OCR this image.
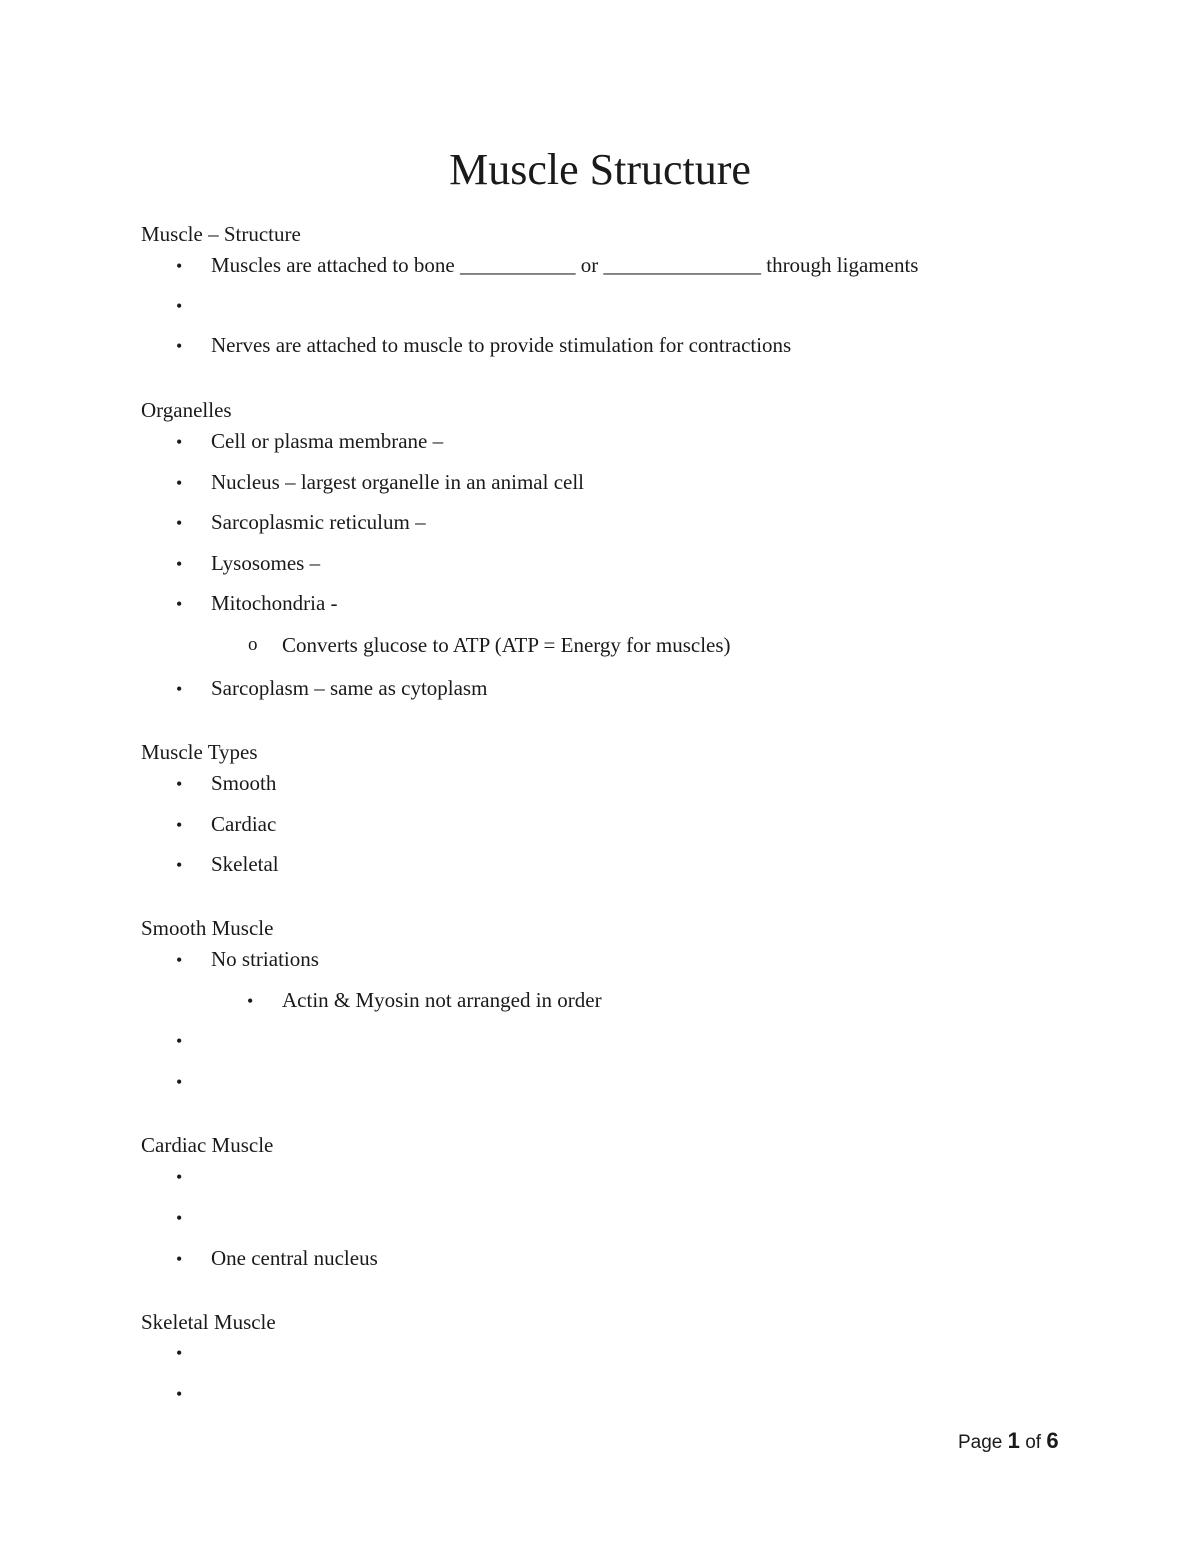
Muscle Structure
Muscle – Structure
• Muscles are attached to bone ___________ or _______________ through ligaments
•
• Nerves are attached to muscle to provide stimulation for contractions
Organelles
• Cell or plasma membrane –
• Nucleus – largest organelle in an animal cell
• Sarcoplasmic reticulum –
• Lysosomes –
• Mitochondria -
o Converts glucose to ATP (ATP = Energy for muscles)
• Sarcoplasm – same as cytoplasm
Muscle Types
• Smooth
• Cardiac
• Skeletal
Smooth Muscle
• No striations
• Actin & Myosin not arranged in order
•
•
Cardiac Muscle
•
•
• One central nucleus
Skeletal Muscle
•
•
Page 1 of 6
